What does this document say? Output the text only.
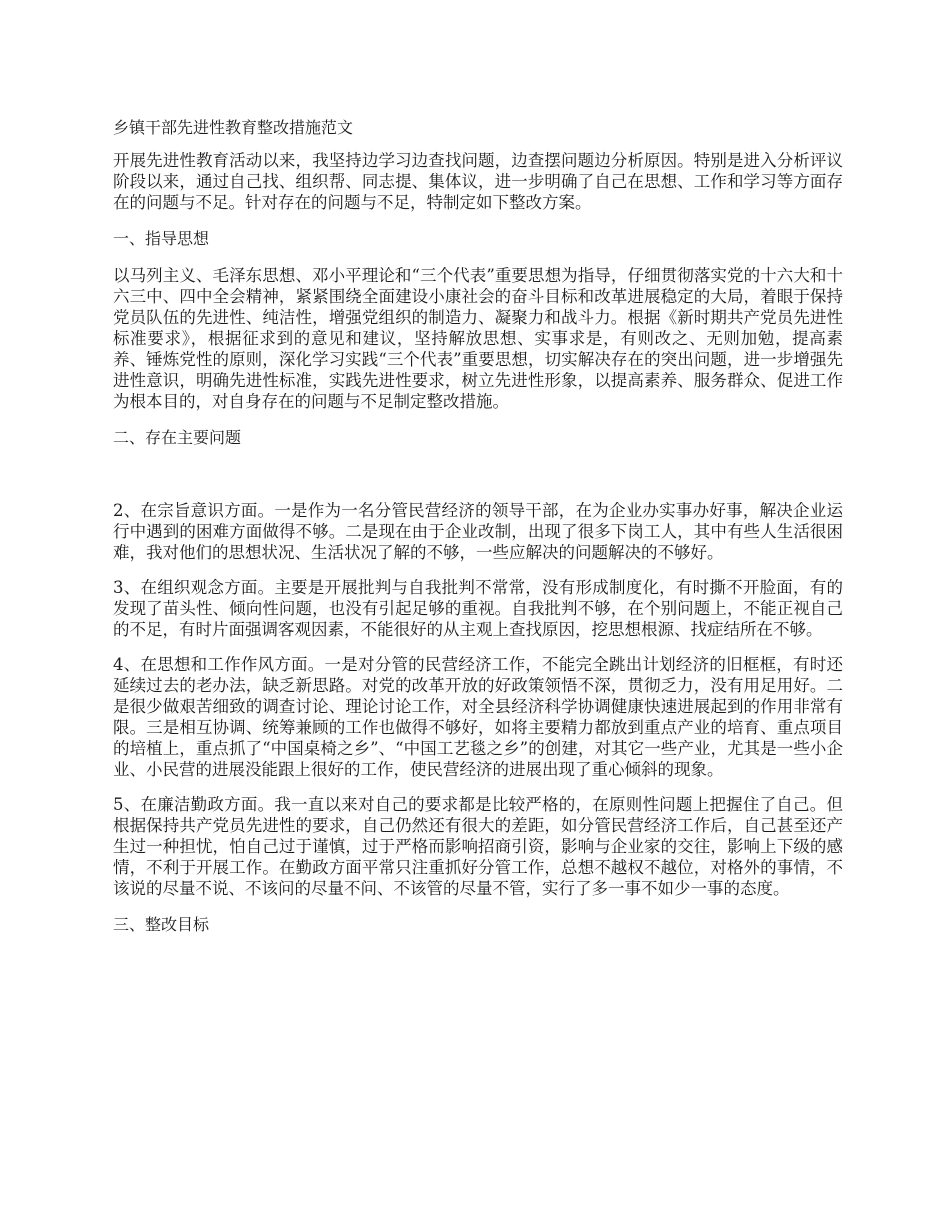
乡镇干部先进性教育整改措施范文

开展先进性教育活动以来，我坚持边学习边查找问题，边查摆问题边分析原因。特别是进入分析评议阶段以来，通过自己找、组织帮、同志提、集体议，进一步明确了自己在思想、工作和学习等方面存在的问题与不足。针对存在的问题与不足，特制定如下整改方案。

一、指导思想

以马列主义、毛泽东思想、邓小平理论和“三个代表”重要思想为指导，仔细贯彻落实党的十六大和十六三中、四中全会精神，紧紧围绕全面建设小康社会的奋斗目标和改革进展稳定的大局，着眼于保持党员队伍的先进性、纯洁性，增强党组织的制造力、凝聚力和战斗力。根据《新时期共产党员先进性标准要求》，根据征求到的意见和建议，坚持解放思想、实事求是，有则改之、无则加勉，提高素养、锤炼党性的原则，深化学习实践“三个代表”重要思想，切实解决存在的突出问题，进一步增强先进性意识，明确先进性标准，实践先进性要求，树立先进性形象，以提高素养、服务群众、促进工作为根本目的，对自身存在的问题与不足制定整改措施。

二、存在主要问题

2、在宗旨意识方面。一是作为一名分管民营经济的领导干部，在为企业办实事办好事，解决企业运行中遇到的困难方面做得不够。二是现在由于企业改制，出现了很多下岗工人，其中有些人生活很困难，我对他们的思想状况、生活状况了解的不够，一些应解决的问题解决的不够好。

3、在组织观念方面。主要是开展批判与自我批判不常常，没有形成制度化，有时撕不开脸面，有的发现了苗头性、倾向性问题，也没有引起足够的重视。自我批判不够，在个别问题上，不能正视自己的不足，有时片面强调客观因素，不能很好的从主观上查找原因，挖思想根源、找症结所在不够。

4、在思想和工作作风方面。一是对分管的民营经济工作，不能完全跳出计划经济的旧框框，有时还延续过去的老办法，缺乏新思路。对党的改革开放的好政策领悟不深，贯彻乏力，没有用足用好。二是很少做艰苦细致的调查讨论、理论讨论工作，对全县经济科学协调健康快速进展起到的作用非常有限。三是相互协调、统筹兼顾的工作也做得不够好，如将主要精力都放到重点产业的培育、重点项目的培植上，重点抓了“中国桌椅之乡”、“中国工艺毯之乡”的创建，对其它一些产业，尤其是一些小企业、小民营的进展没能跟上很好的工作，使民营经济的进展出现了重心倾斜的现象。

5、在廉洁勤政方面。我一直以来对自己的要求都是比较严格的，在原则性问题上把握住了自己。但根据保持共产党员先进性的要求，自己仍然还有很大的差距，如分管民营经济工作后，自己甚至还产生过一种担忧，怕自己过于谨慎，过于严格而影响招商引资，影响与企业家的交往，影响上下级的感情，不利于开展工作。在勤政方面平常只注重抓好分管工作，总想不越权不越位，对格外的事情，不该说的尽量不说、不该问的尽量不问、不该管的尽量不管，实行了多一事不如少一事的态度。

三、整改目标
